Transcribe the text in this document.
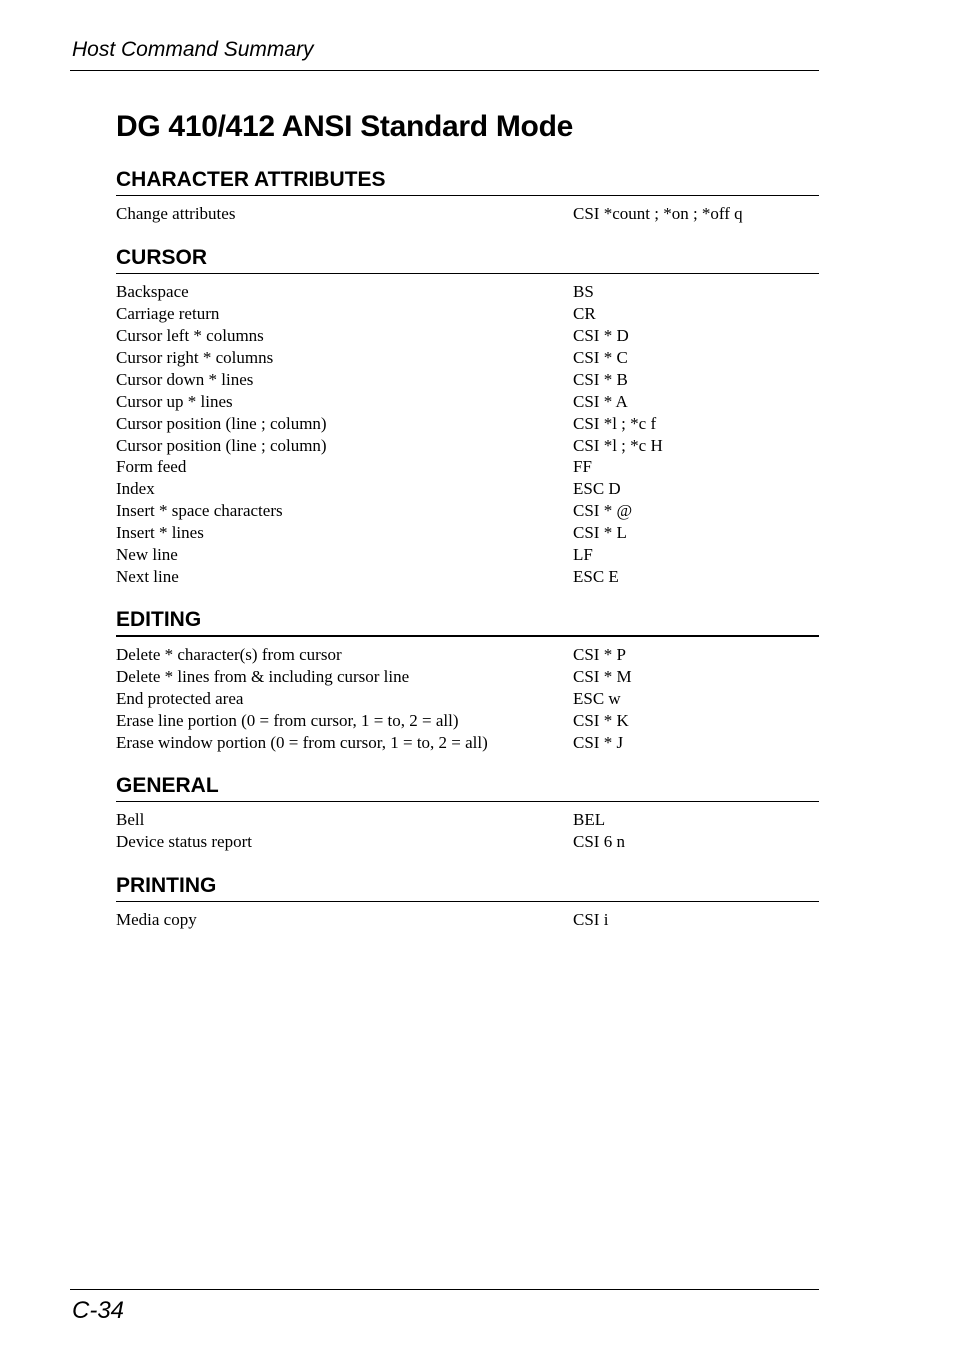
Host Command Summary
DG 410/412 ANSI Standard Mode
CHARACTER ATTRIBUTES
Change attributes	CSI *count ; *on ; *off q
CURSOR
Backspace	BS
Carriage return	CR
Cursor left * columns	CSI * D
Cursor right * columns	CSI * C
Cursor down * lines	CSI * B
Cursor up * lines	CSI * A
Cursor position (line ; column)	CSI *l ; *c f
Cursor position (line ; column)	CSI *l ; *c H
Form feed	FF
Index	ESC D
Insert * space characters	CSI * @
Insert * lines	CSI * L
New line	LF
Next line	ESC E
EDITING
Delete * character(s) from cursor	CSI * P
Delete * lines from & including cursor line	CSI * M
End protected area	ESC w
Erase line portion (0 = from cursor, 1 = to, 2 = all)	CSI * K
Erase window portion (0 = from cursor, 1 = to, 2 = all)	CSI * J
GENERAL
Bell	BEL
Device status report	CSI 6 n
PRINTING
Media copy	CSI i
C-34
